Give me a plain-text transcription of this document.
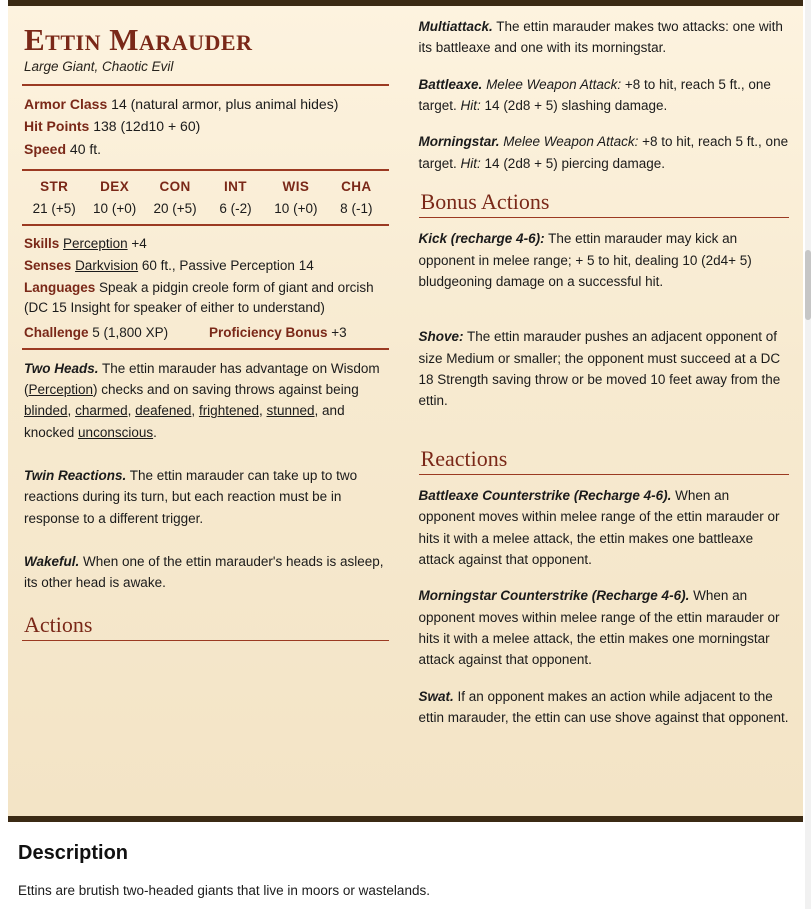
Ettin Marauder
Large Giant, Chaotic Evil
Armor Class 14 (natural armor, plus animal hides)
Hit Points 138 (12d10 + 60)
Speed 40 ft.
STR
21 (+5)
DEX
10 (+0)
CON
20 (+5)
INT
6 (-2)
WIS
10 (+0)
CHA
8 (-1)
Skills Perception +4
Senses Darkvision 60 ft., Passive Perception 14
Languages Speak a pidgin creole form of giant and orcish (DC 15 Insight for speaker of either to understand)
Challenge 5 (1,800 XP)	Proficiency Bonus +3
Two Heads. The ettin marauder has advantage on Wisdom (Perception) checks and on saving throws against being blinded, charmed, deafened, frightened, stunned, and knocked unconscious.
Twin Reactions. The ettin marauder can take up to two reactions during its turn, but each reaction must be in response to a different trigger.
Wakeful. When one of the ettin marauder's heads is asleep, its other head is awake.
Actions
Multiattack. The ettin marauder makes two attacks: one with its battleaxe and one with its morningstar.
Battleaxe. Melee Weapon Attack: +8 to hit, reach 5 ft., one target. Hit: 14 (2d8 + 5) slashing damage.
Morningstar. Melee Weapon Attack: +8 to hit, reach 5 ft., one target. Hit: 14 (2d8 + 5) piercing damage.
Bonus Actions
Kick (recharge 4-6): The ettin marauder may kick an opponent in melee range; + 5 to hit, dealing 10 (2d4+ 5) bludgeoning damage on a successful hit.
Shove: The ettin marauder pushes an adjacent opponent of size Medium or smaller; the opponent must succeed at a DC 18 Strength saving throw or be moved 10 feet away from the ettin.
Reactions
Battleaxe Counterstrike (Recharge 4-6). When an opponent moves within melee range of the ettin marauder or hits it with a melee attack, the ettin makes one battleaxe attack against that opponent.
Morningstar Counterstrike (Recharge 4-6). When an opponent moves within melee range of the ettin marauder or hits it with a melee attack, the ettin makes one morningstar attack against that opponent.
Swat. If an opponent makes an action while adjacent to the ettin marauder, the ettin can use shove against that opponent.
Description

Ettins are brutish two-headed giants that live in moors or wastelands.
